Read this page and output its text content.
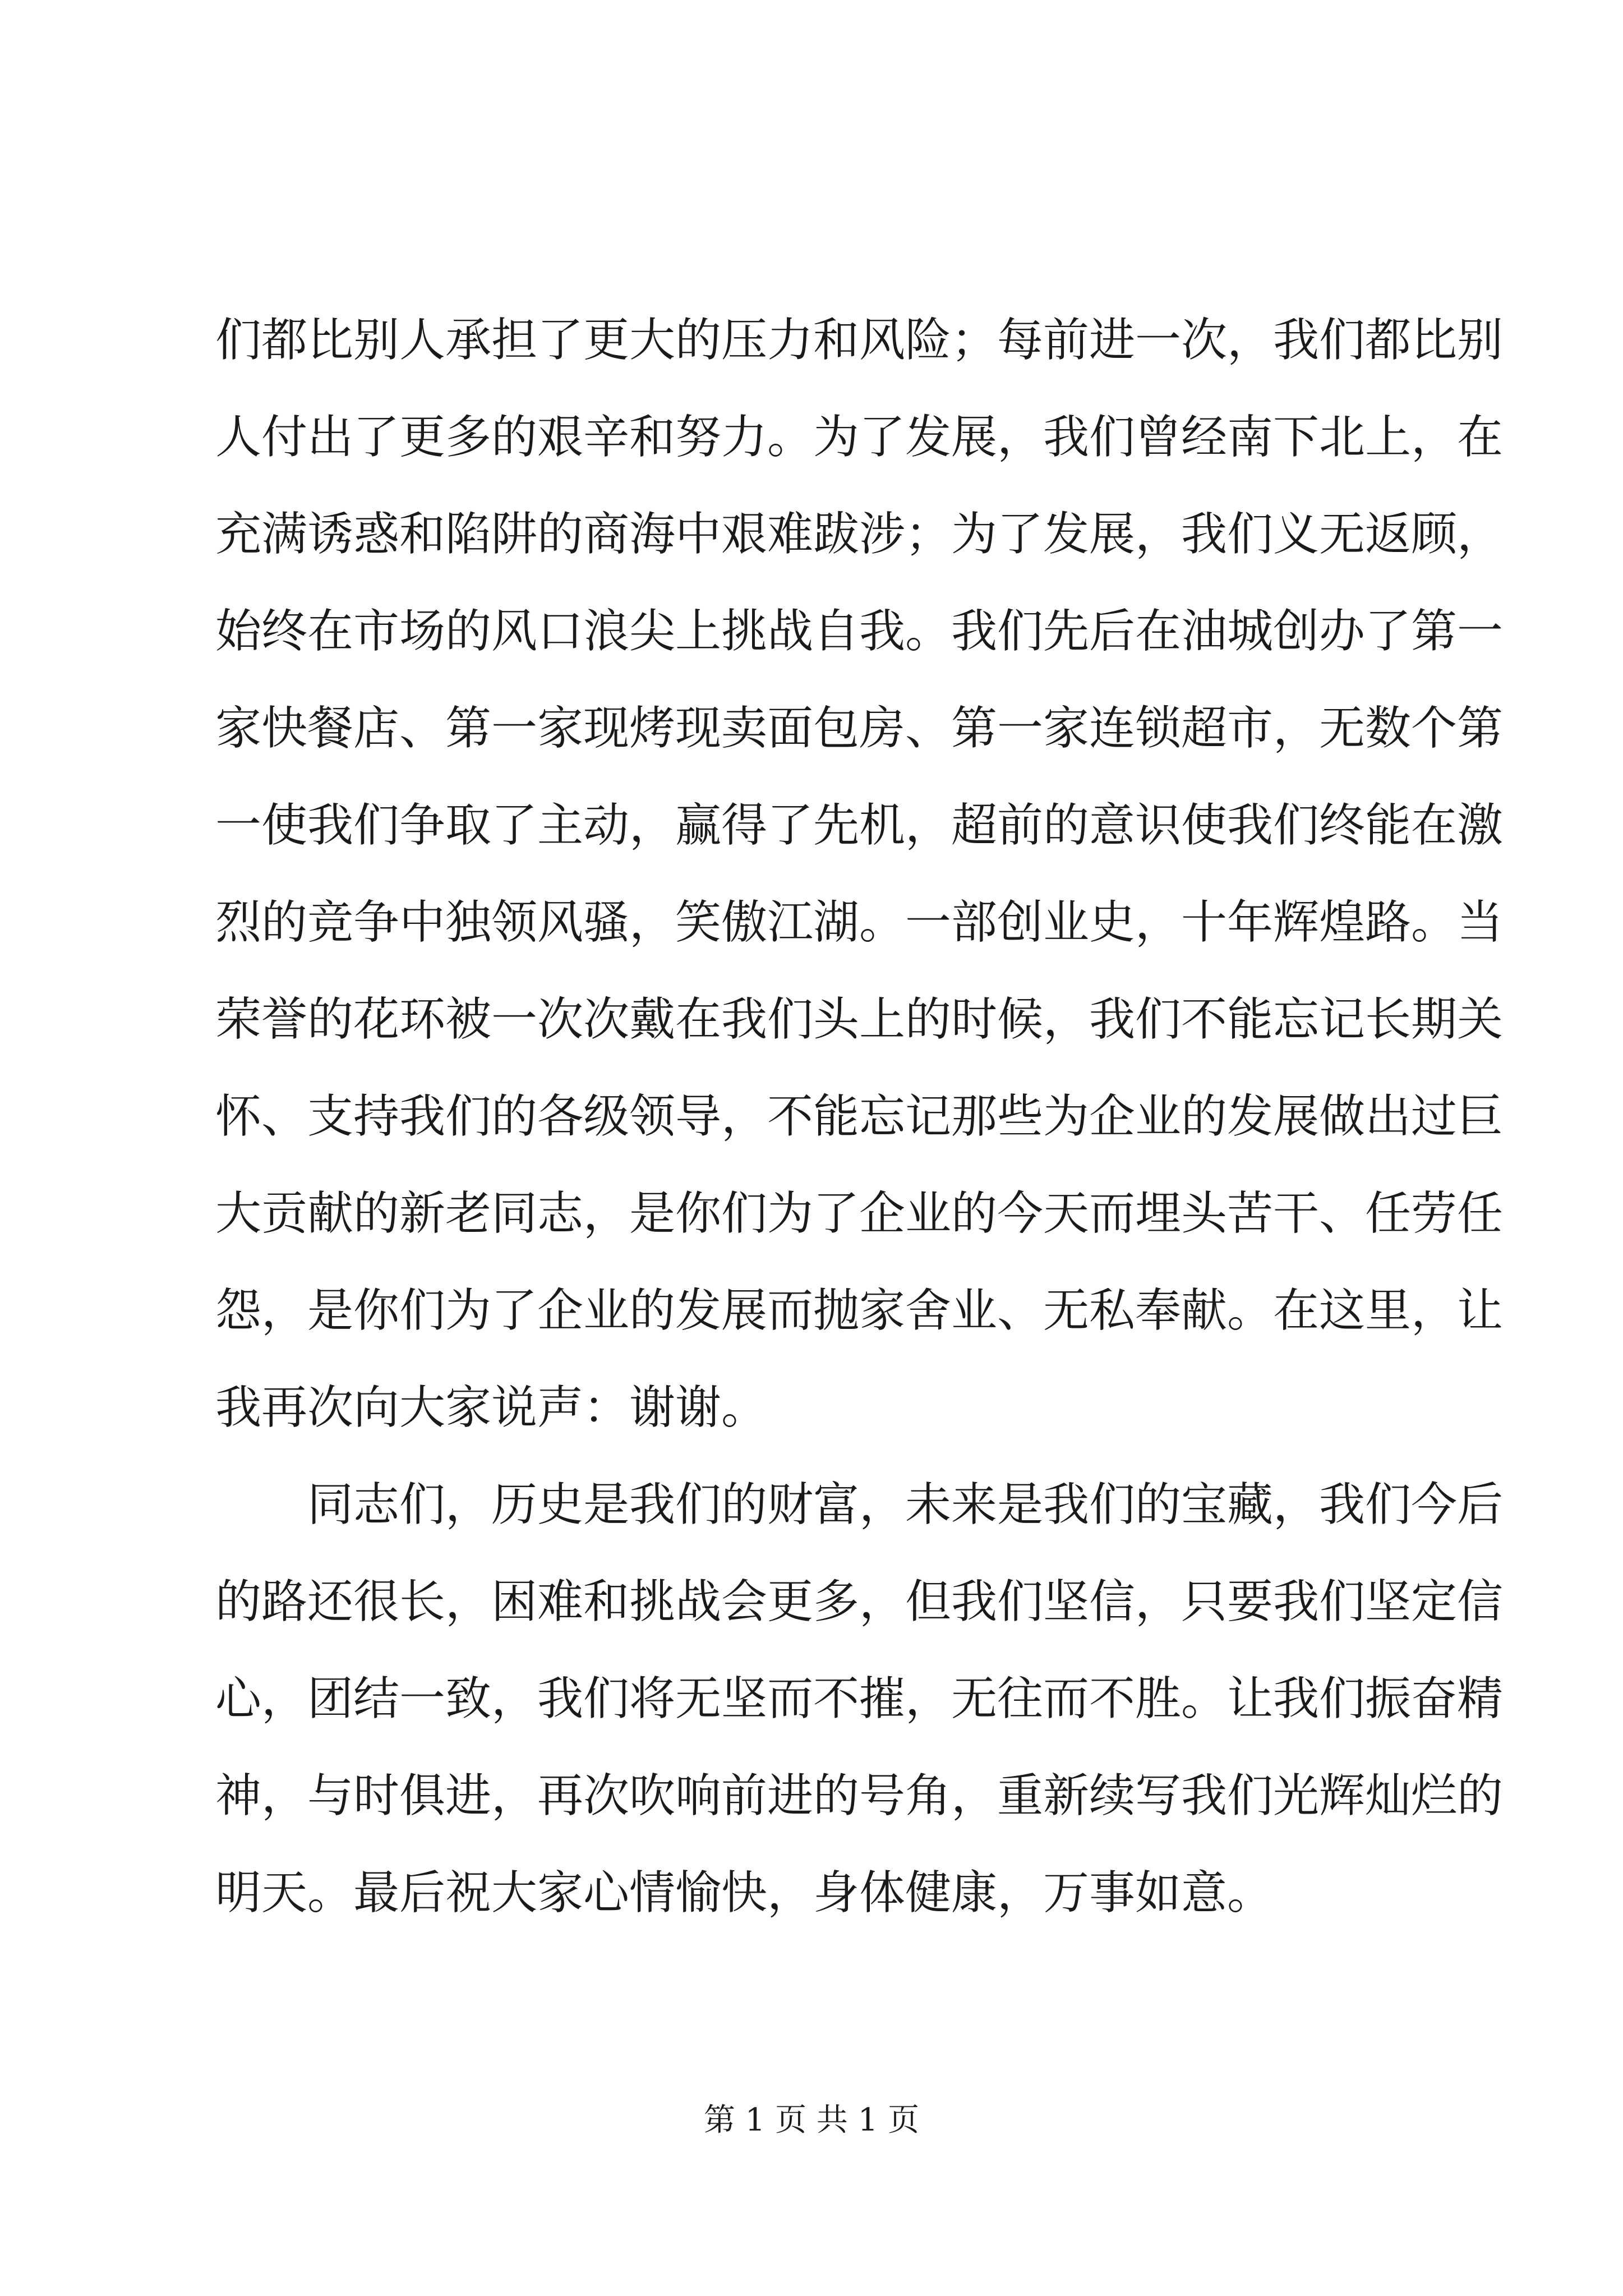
们都比别人承担了更大的压力和风险；每前进一次，我们都比别
人付出了更多的艰辛和努力。为了发展，我们曾经南下北上，在
充满诱惑和陷阱的商海中艰难跋涉；为了发展，我们义无返顾，
始终在市场的风口浪尖上挑战自我。我们先后在油城创办了第一
家快餐店、第一家现烤现卖面包房、第一家连锁超市，无数个第
一使我们争取了主动，赢得了先机，超前的意识使我们终能在激
烈的竞争中独领风骚，笑傲江湖。一部创业史，十年辉煌路。当
荣誉的花环被一次次戴在我们头上的时候，我们不能忘记长期关
怀、支持我们的各级领导，不能忘记那些为企业的发展做出过巨
大贡献的新老同志，是你们为了企业的今天而埋头苦干、任劳任
怨，是你们为了企业的发展而抛家舍业、无私奉献。在这里，让
我再次向大家说声：谢谢。
同志们，历史是我们的财富，未来是我们的宝藏，我们今后
的路还很长，困难和挑战会更多，但我们坚信，只要我们坚定信
心，团结一致，我们将无坚而不摧，无往而不胜。让我们振奋精
神，与时俱进，再次吹响前进的号角，重新续写我们光辉灿烂的
明天。最后祝大家心情愉快，身体健康，万事如意。
第 1 页 共 1 页
